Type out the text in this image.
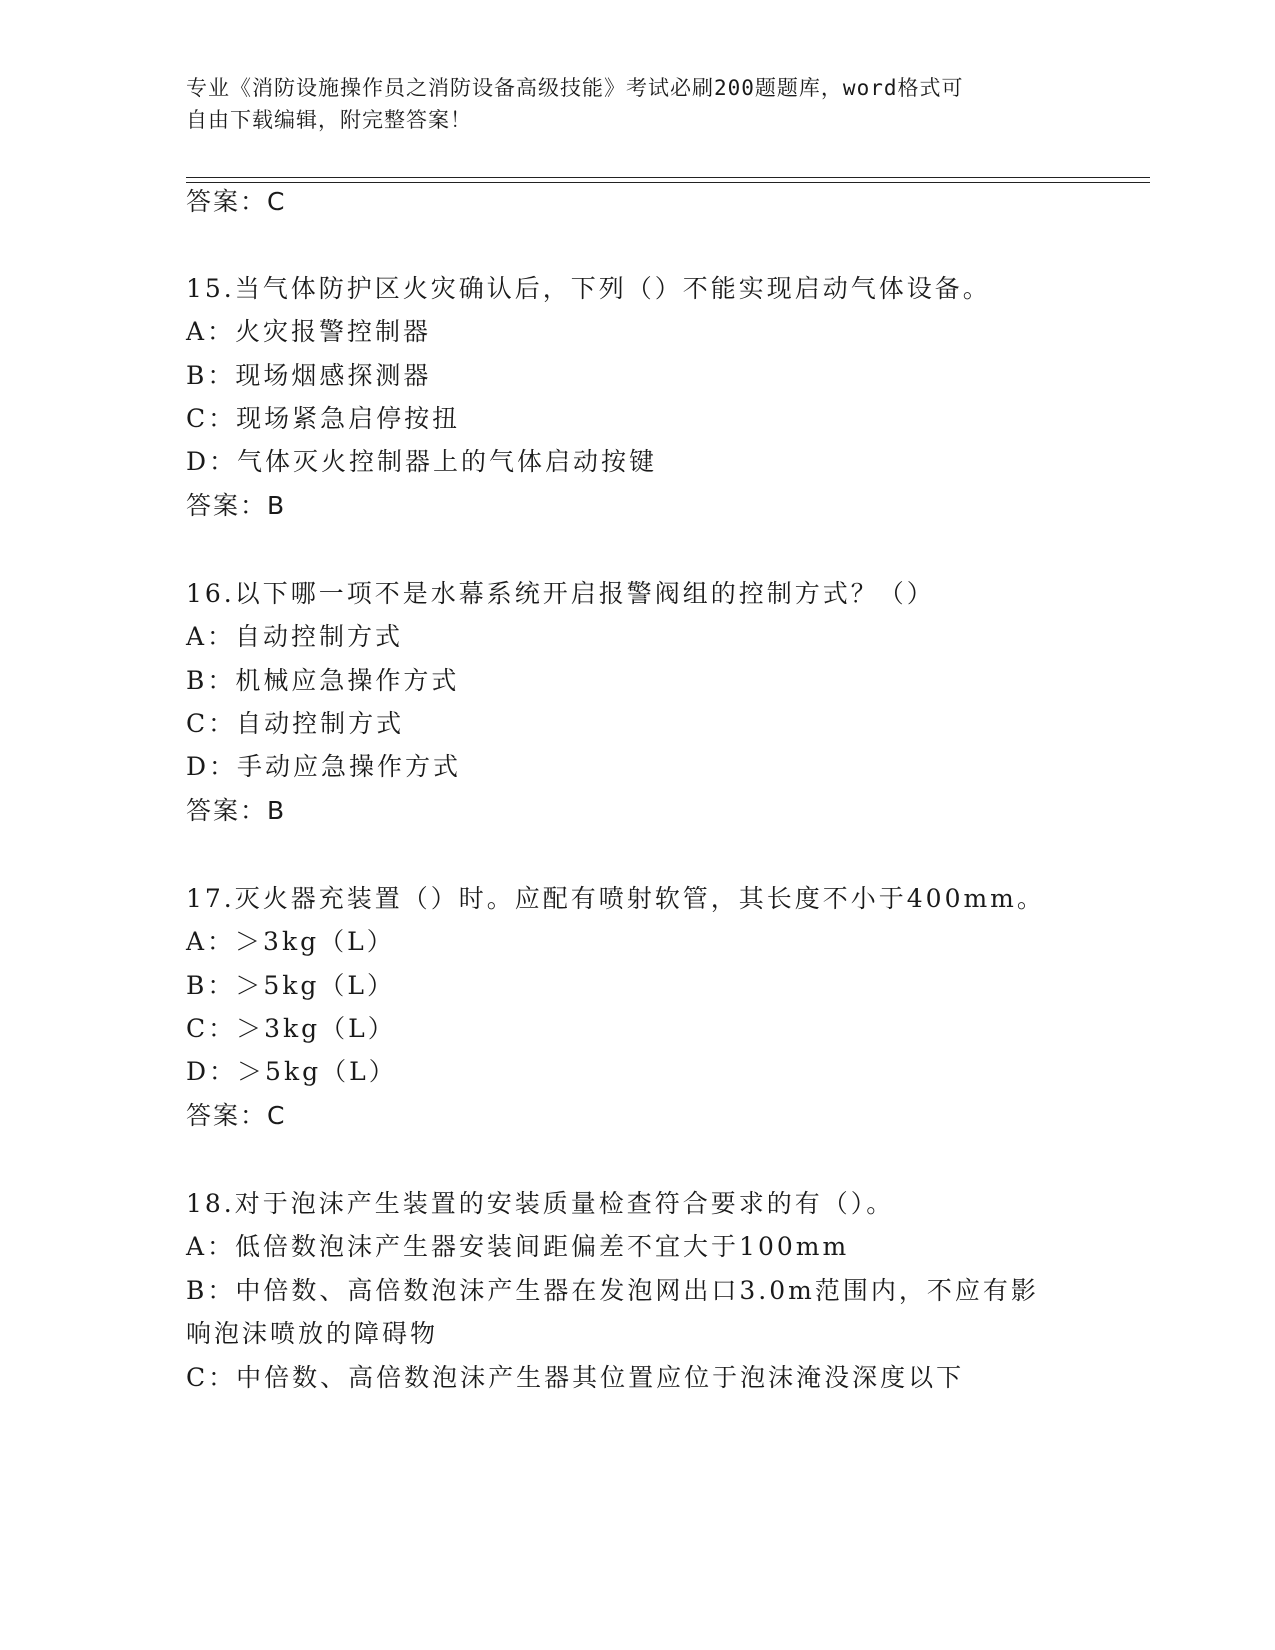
专业《消防设施操作员之消防设备高级技能》考试必刷200题题库，word格式可
自由下载编辑，附完整答案！
答案：C
15.当气体防护区火灾确认后，下列（）不能实现启动气体设备。
A：火灾报警控制器
B：现场烟感探测器
C：现场紧急启停按扭
D：气体灭火控制器上的气体启动按键
答案：B
16.以下哪一项不是水幕系统开启报警阀组的控制方式？（）
A：自动控制方式
B：机械应急操作方式
C：自动控制方式
D：手动应急操作方式
答案：B
17.灭火器充装置（）时。应配有喷射软管，其长度不小于400mm。
A：＞3kg（L）
B：＞5kg（L）
C：＞3kg（L）
D：＞5kg（L）
答案：C
18.对于泡沫产生装置的安装质量检查符合要求的有（）。
A：低倍数泡沫产生器安装间距偏差不宜大于100mm
B：中倍数、高倍数泡沫产生器在发泡网出口3.0m范围内，不应有影
响泡沫喷放的障碍物
C：中倍数、高倍数泡沫产生器其位置应位于泡沫淹没深度以下
